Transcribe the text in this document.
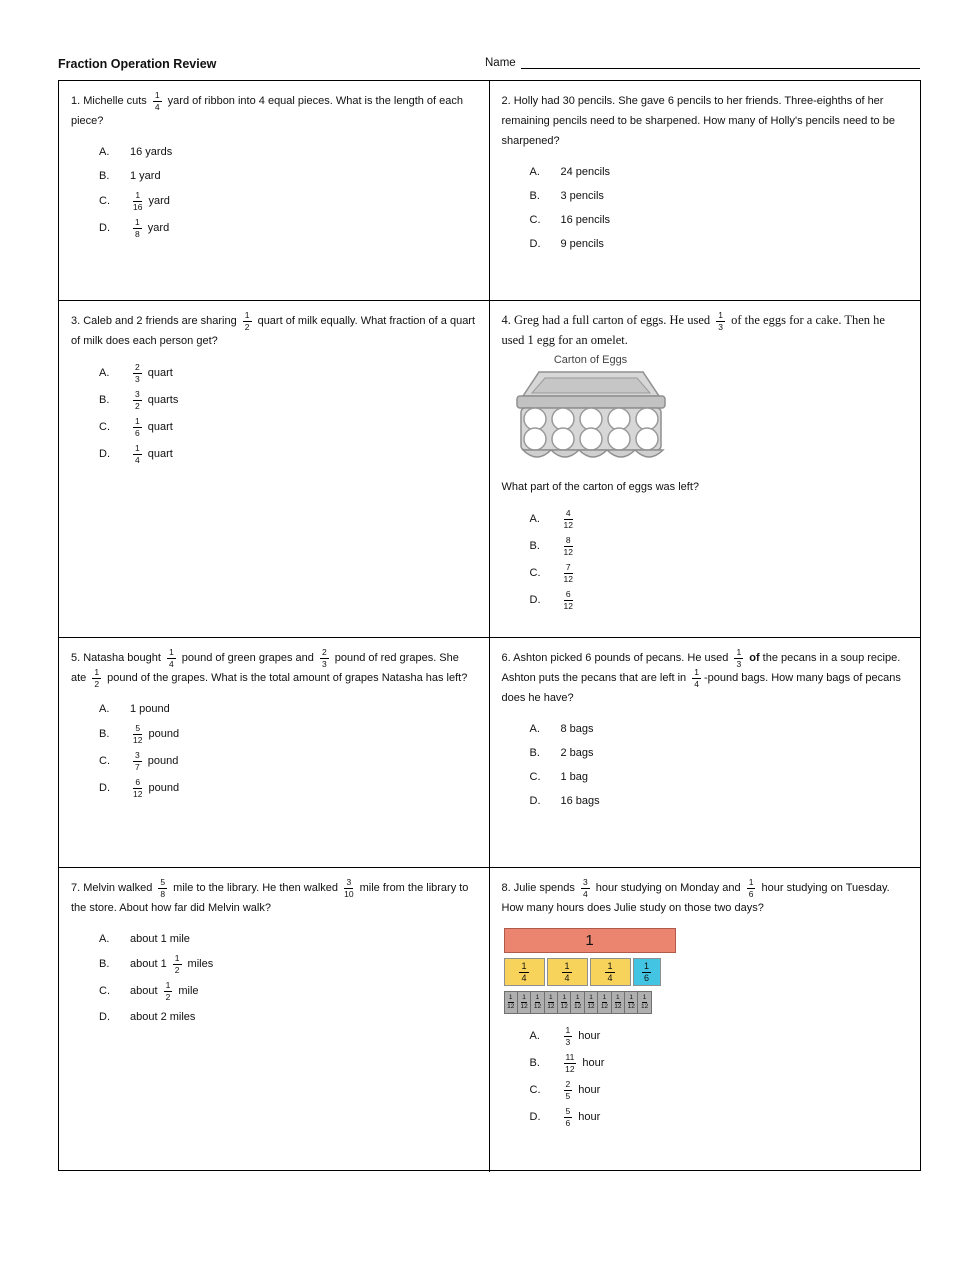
Fraction Operation Review	Name

1. Michelle cuts $\frac{1}{4}$ yard of ribbon into 4 equal pieces. What is the length of each piece?

A.	16 yards
B.	1 yard
C.	$\frac{1}{16}$ yard
D.	$\frac{1}{8}$ yard

2. Holly had 30 pencils. She gave 6 pencils to her friends. Three-eighths of her remaining pencils need to be sharpened. How many of Holly's pencils need to be sharpened?

A.	24 pencils
B.	3 pencils
C.	16 pencils
D.	9 pencils

3. Caleb and 2 friends are sharing $\frac{1}{2}$ quart of milk equally. What fraction of a quart of milk does each person get?

A.	$\frac{2}{3}$ quart
B.	$\frac{3}{2}$ quarts
C.	$\frac{1}{6}$ quart
D.	$\frac{1}{4}$ quart

4. Greg had a full carton of eggs. He used $\frac{1}{3}$ of the eggs for a cake. Then he used 1 egg for an omelet.

Carton of Eggs

What part of the carton of eggs was left?

A.	$\frac{4}{12}$
B.	$\frac{8}{12}$
C.	$\frac{7}{12}$
D.	$\frac{6}{12}$

5. Natasha bought $\frac{1}{4}$ pound of green grapes and $\frac{2}{3}$ pound of red grapes. She ate $\frac{1}{2}$ pound of the grapes. What is the total amount of grapes Natasha has left?

A.	1 pound
B.	$\frac{5}{12}$ pound
C.	$\frac{3}{7}$ pound
D.	$\frac{6}{12}$ pound

6. Ashton picked 6 pounds of pecans. He used $\frac{1}{3}$ of the pecans in a soup recipe. Ashton puts the pecans that are left in $\frac{1}{4}$ -pound bags. How many bags of pecans does he have?

A.	8 bags
B.	2 bags
C.	1 bag
D.	16 bags

7. Melvin walked $\frac{5}{8}$ mile to the library. He then walked $\frac{3}{10}$ mile from the library to the store. About how far did Melvin walk?

A.	about 1 mile
B.	about $1 \frac{1}{2}$ miles
C.	about $\frac{1}{2}$ mile
D.	about 2 miles

8. Julie spends $\frac{3}{4}$ hour studying on Monday and $\frac{1}{6}$ hour studying on Tuesday. How many hours does Julie study on those two days?

1
$\frac{1}{4}$	$\frac{1}{4}$	$\frac{1}{4}$	$\frac{1}{6}$
$\frac{1}{12} \frac{1}{12} \frac{1}{12} \frac{1}{12} \frac{1}{12} \frac{1}{12} \frac{1}{12} \frac{1}{12} \frac{1}{12} \frac{1}{12} \frac{1}{12}$
A.	$\frac{1}{3}$ hour
B.	$\frac{11}{12}$ hour
C.	$\frac{2}{5}$ hour
D.	$\frac{5}{6}$ hour
